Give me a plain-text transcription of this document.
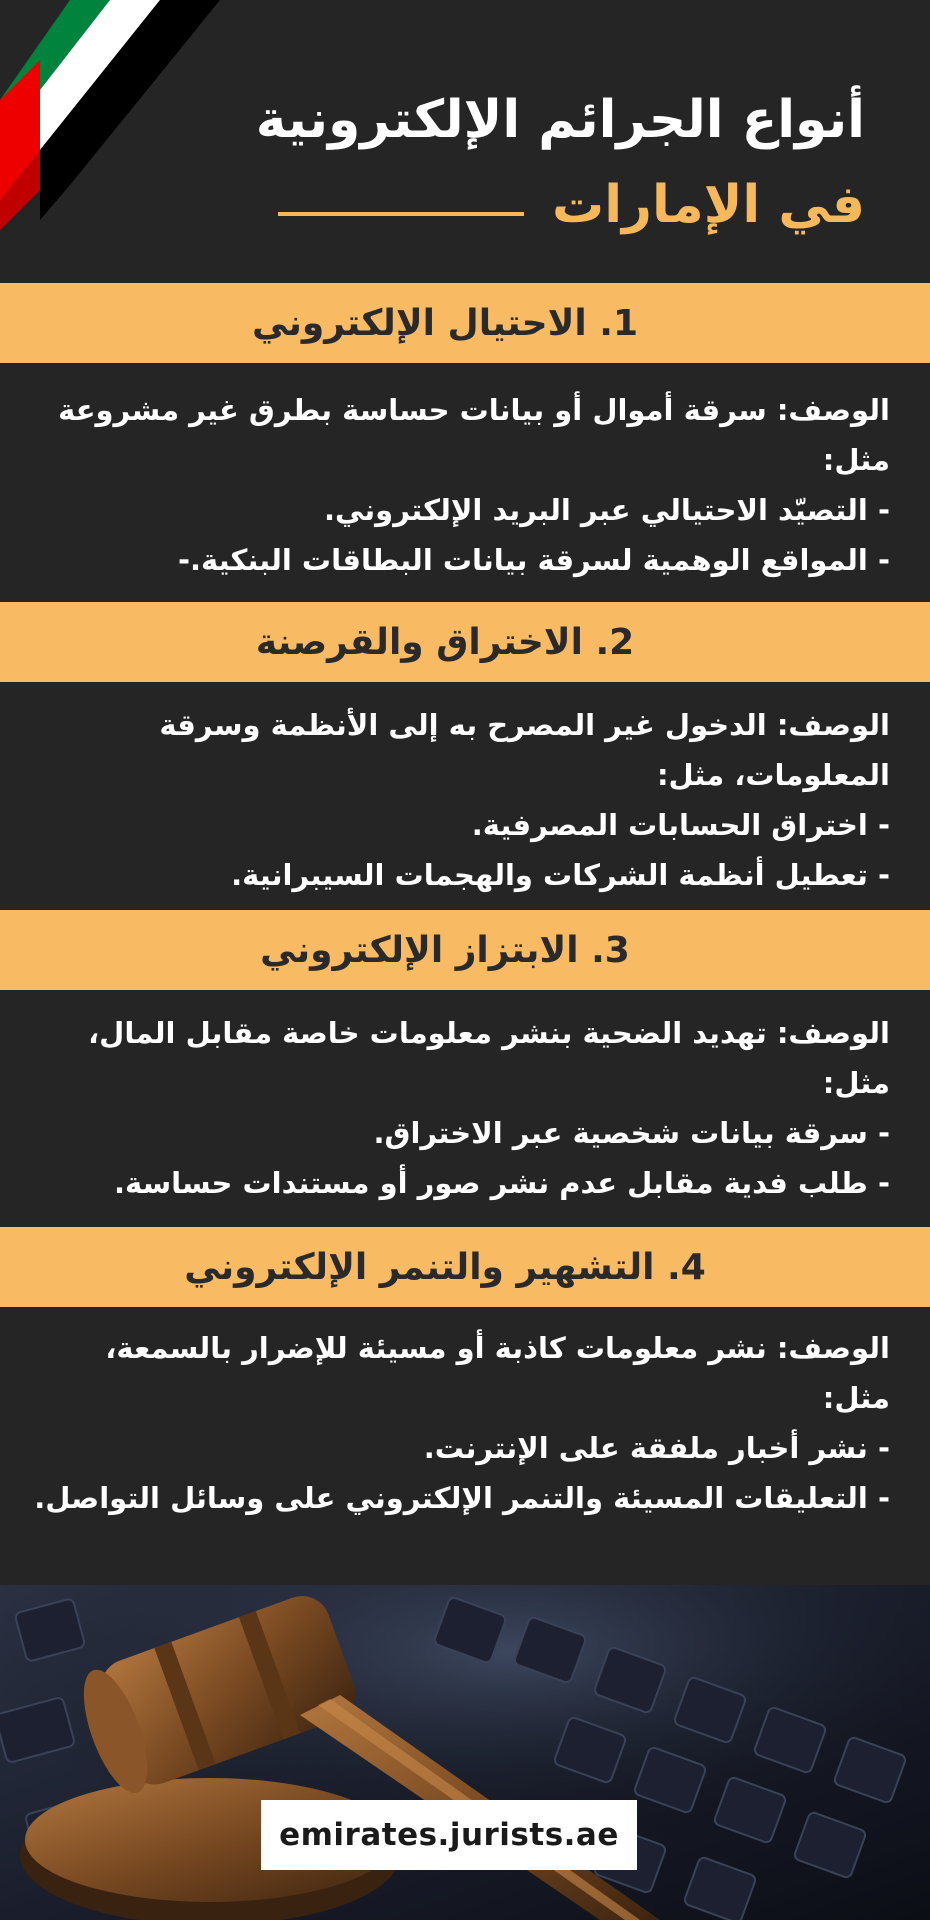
أنواع الجرائم الإلكترونية
في الإمارات
1. الاحتيال الإلكتروني

الوصف: سرقة أموال أو بيانات حساسة بطرق غير مشروعة مثل:

- التصيّد الاحتيالي عبر البريد الإلكتروني.

- المواقع الوهمية لسرقة بيانات البطاقات البنكية.-

2. الاختراق والقرصنة

الوصف: الدخول غير المصرح به إلى الأنظمة وسرقة المعلومات، مثل:

- اختراق الحسابات المصرفية.

- تعطيل أنظمة الشركات والهجمات السيبرانية.

3. الابتزاز الإلكتروني

الوصف: تهديد الضحية بنشر معلومات خاصة مقابل المال، مثل:

- سرقة بيانات شخصية عبر الاختراق.

- طلب فدية مقابل عدم نشر صور أو مستندات حساسة.

4. التشهير والتنمر الإلكتروني

الوصف: نشر معلومات كاذبة أو مسيئة للإضرار بالسمعة، مثل:

- نشر أخبار ملفقة على الإنترنت.

- التعليقات المسيئة والتنمر الإلكتروني على وسائل التواصل.

emirates.jurists.ae
